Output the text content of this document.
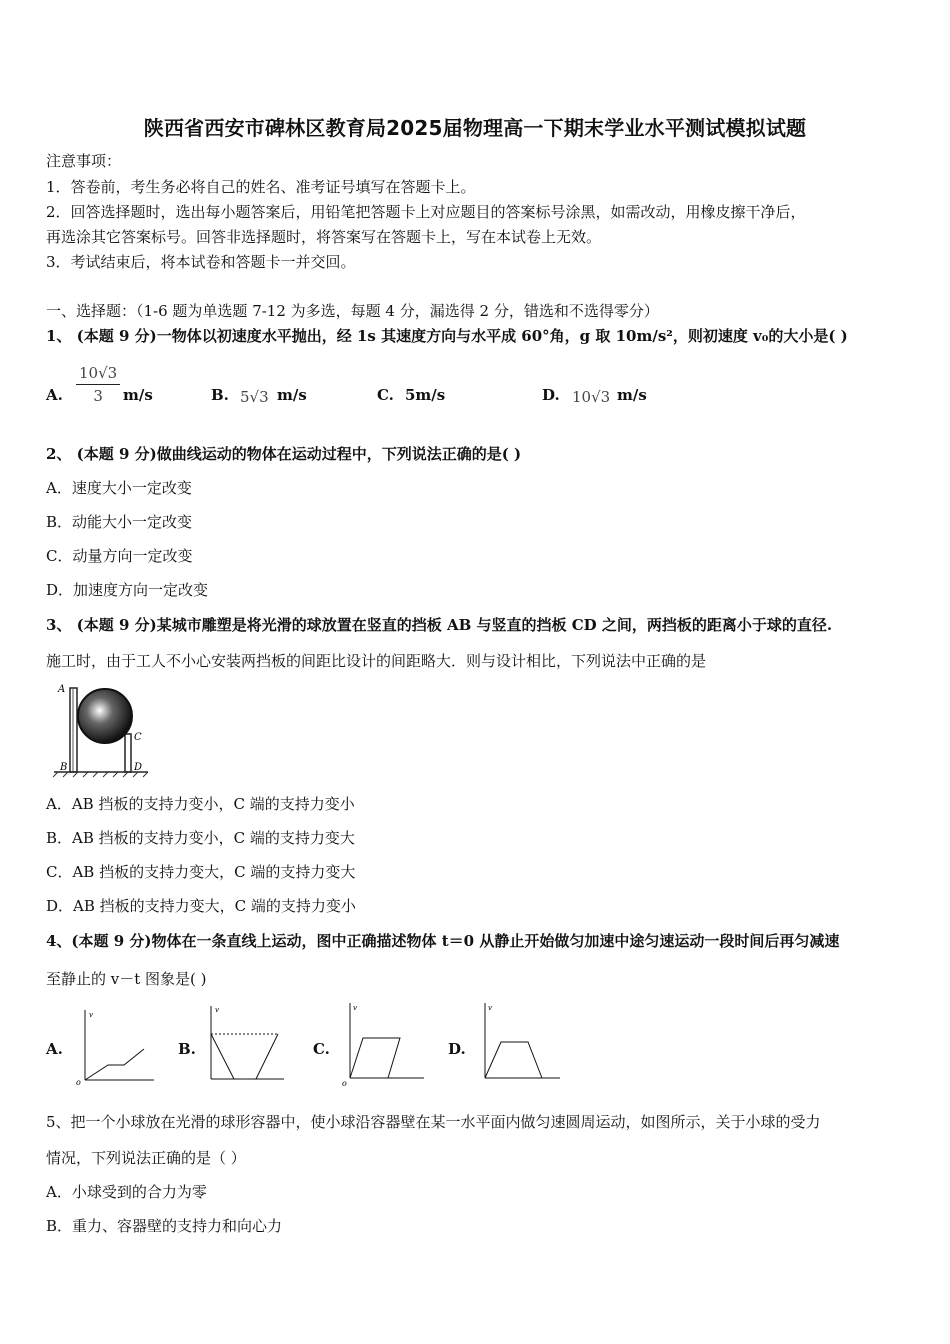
陕西省西安市碑林区教育局2025届物理高一下期末学业水平测试模拟试题
注意事项：
1．答卷前，考生务必将自己的姓名、准考证号填写在答题卡上。
2．回答选择题时，选出每小题答案后，用铅笔把答题卡上对应题目的答案标号涂黑，如需改动，用橡皮擦干净后，
再选涂其它答案标号。回答非选择题时，将答案写在答题卡上，写在本试卷上无效。
3．考试结束后，将本试卷和答题卡一并交回。
一、选择题：（1-6 题为单选题 7-12 为多选，每题 4 分，漏选得 2 分，错选和不选得零分）
1、 (本题 9 分)一物体以初速度水平抛出，经 1s 其速度方向与水平成 60°角，g 取 10m/s²，则初速度 v₀的大小是( )
A. $\frac{10√3}{3} m/s$	B. 5√3 m/s	C. 5m/s	D. 10√3 m/s
2、 (本题 9 分)做曲线运动的物体在运动过程中，下列说法正确的是( )
A．速度大小一定改变
B．动能大小一定改变
C．动量方向一定改变
D．加速度方向一定改变
3、 (本题 9 分)某城市雕塑是将光滑的球放置在竖直的挡板 AB 与竖直的挡板 CD 之间，两挡板的距离小于球的直径.
施工时，由于工人不小心安装两挡板的间距比设计的间距略大．则与设计相比，下列说法中正确的是
A
B
C
D
A．AB 挡板的支持力变小，C 端的支持力变小
B．AB 挡板的支持力变小，C 端的支持力变大
C．AB 挡板的支持力变大，C 端的支持力变大
D．AB 挡板的支持力变大，C 端的支持力变小
4、(本题 9 分)物体在一条直线上运动，图中正确描述物体 t＝0 从静止开始做匀加速中途匀速运动一段时间后再匀减速
至静止的 v－t 图象是( )
A.
v
o
B.
v
C.
v
o
D.
v
5、把一个小球放在光滑的球形容器中，使小球沿容器壁在某一水平面内做匀速圆周运动，如图所示，关于小球的受力
情况，下列说法正确的是（ ）
A．小球受到的合力为零
B．重力、容器壁的支持力和向心力
